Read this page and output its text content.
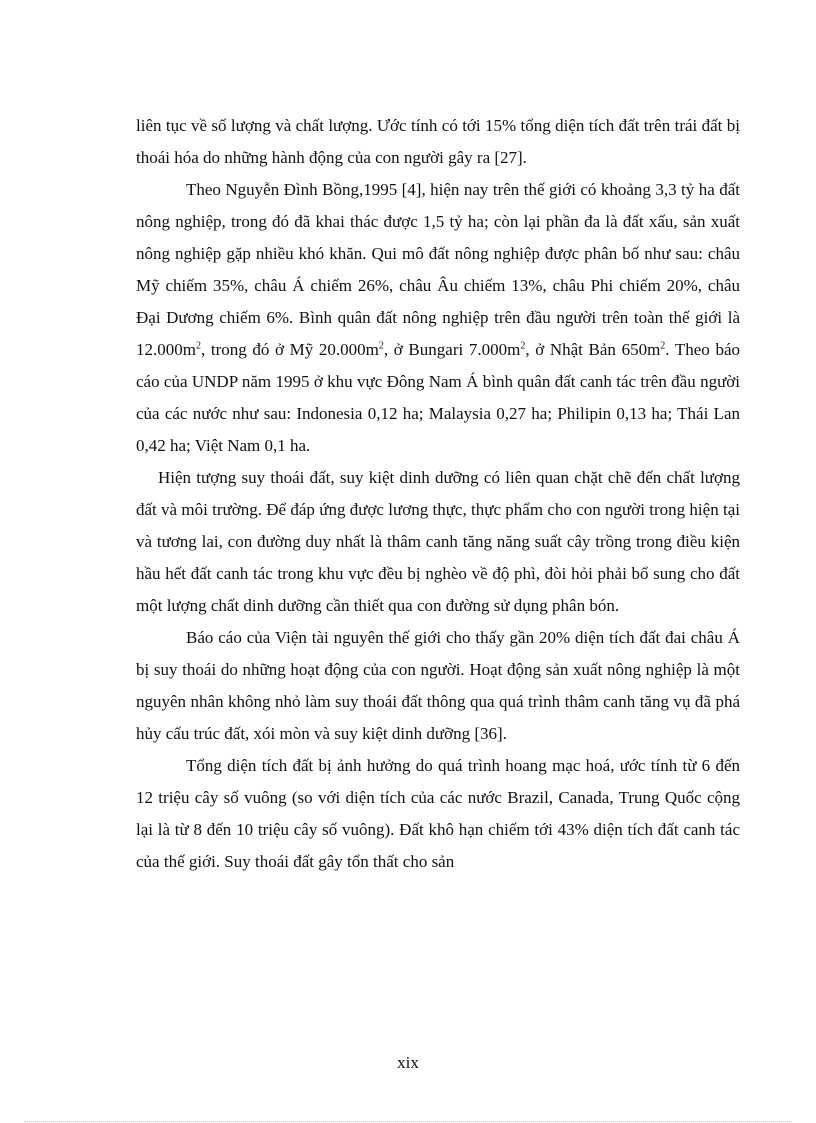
liên tục về số lượng và chất lượng. Ước tính có tới 15% tổng diện tích đất trên trái đất bị thoái hóa do những hành động của con người gây ra [27].

Theo Nguyễn Đình Bồng,1995 [4], hiện nay trên thế giới có khoảng 3,3 tỷ ha đất nông nghiệp, trong đó đã khai thác được 1,5 tỷ ha; còn lại phần đa là đất xấu, sản xuất nông nghiệp gặp nhiều khó khăn. Qui mô đất nông nghiệp được phân bố như sau: châu Mỹ chiếm 35%, châu Á chiếm 26%, châu Âu chiếm 13%, châu Phi chiếm 20%, châu Đại Dương chiếm 6%. Bình quân đất nông nghiệp trên đầu người trên toàn thế giới là $12.000m^2$, trong đó ở Mỹ $20.000m^2$, ở Bungari $7.000m^2$, ở Nhật Bản $650m^2$. Theo báo cáo của UNDP năm 1995 ở khu vực Đông Nam Á bình quân đất canh tác trên đầu người của các nước như sau: Indonesia 0,12 ha; Malaysia 0,27 ha; Philipin 0,13 ha; Thái Lan 0,42 ha; Việt Nam 0,1 ha.

Hiện tượng suy thoái đất, suy kiệt dinh dưỡng có liên quan chặt chẽ đến chất lượng đất và môi trường. Để đáp ứng được lương thực, thực phẩm cho con người trong hiện tại và tương lai, con đường duy nhất là thâm canh tăng năng suất cây trồng trong điều kiện hầu hết đất canh tác trong khu vực đều bị nghèo về độ phì, đòi hỏi phải bổ sung cho đất một lượng chất dinh dưỡng cần thiết qua con đường sử dụng phân bón.

Báo cáo của Viện tài nguyên thế giới cho thấy gần 20% diện tích đất đai châu Á bị suy thoái do những hoạt động của con người. Hoạt động sản xuất nông nghiệp là một nguyên nhân không nhỏ làm suy thoái đất thông qua quá trình thâm canh tăng vụ đã phá hủy cấu trúc đất, xói mòn và suy kiệt dinh dưỡng [36].

Tổng diện tích đất bị ảnh hưởng do quá trình hoang mạc hoá, ước tính từ 6 đến 12 triệu cây số vuông (so với diện tích của các nước Brazil, Canada, Trung Quốc cộng lại là từ 8 đến 10 triệu cây số vuông). Đất khô hạn chiếm tới 43% diện tích đất canh tác của thế giới. Suy thoái đất gây tổn thất cho sản

xix
